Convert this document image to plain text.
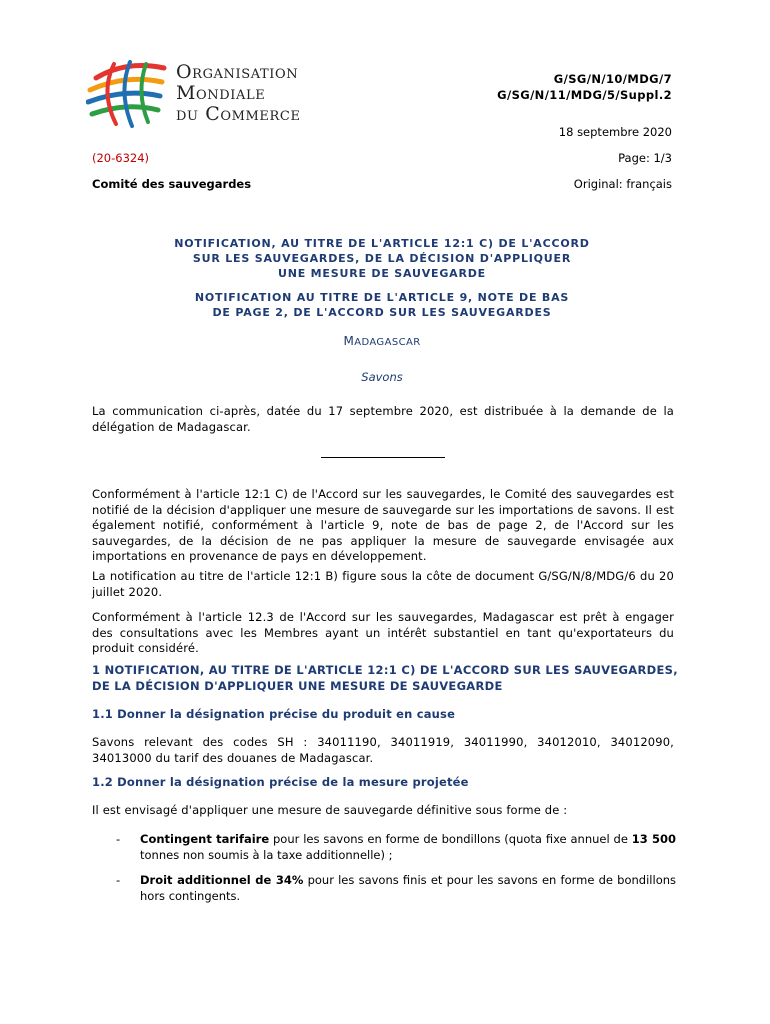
Organisation
Mondiale
du Commerce
G/SG/N/10/MDG/7
G/SG/N/11/MDG/5/Suppl.2
18 septembre 2020
(20-6324)	Page: 1/3
Comité des sauvegardes	Original: français
NOTIFICATION, AU TITRE DE L'ARTICLE 12:1 C) DE L'ACCORD
SUR LES SAUVEGARDES, DE LA DÉCISION D'APPLIQUER
UNE MESURE DE SAUVEGARDE
NOTIFICATION AU TITRE DE L'ARTICLE 9, NOTE DE BAS
DE PAGE 2, DE L'ACCORD SUR LES SAUVEGARDES
MADAGASCAR
Savons
La communication ci-après, datée du 17 septembre 2020, est distribuée à la demande de la délégation de Madagascar.
Conformément à l'article 12:1 C) de l'Accord sur les sauvegardes, le Comité des sauvegardes est notifié de la décision d'appliquer une mesure de sauvegarde sur les importations de savons. Il est également notifié, conformément à l'article 9, note de bas de page 2, de l'Accord sur les sauvegardes, de la décision de ne pas appliquer la mesure de sauvegarde envisagée aux importations en provenance de pays en développement.
La notification au titre de l'article 12:1 B) figure sous la côte de document G/SG/N/8/MDG/6 du 20 juillet 2020.
Conformément à l'article 12.3 de l'Accord sur les sauvegardes, Madagascar est prêt à engager des consultations avec les Membres ayant un intérêt substantiel en tant qu'exportateurs du produit considéré.
1 NOTIFICATION, AU TITRE DE L'ARTICLE 12:1 C) DE L'ACCORD SUR LES SAUVEGARDES,
DE LA DÉCISION D'APPLIQUER UNE MESURE DE SAUVEGARDE
1.1 Donner la désignation précise du produit en cause
Savons relevant des codes SH : 34011190, 34011919, 34011990, 34012010, 34012090, 34013000 du tarif des douanes de Madagascar.
1.2 Donner la désignation précise de la mesure projetée
Il est envisagé d'appliquer une mesure de sauvegarde définitive sous forme de :
- Contingent tarifaire pour les savons en forme de bondillons (quota fixe annuel de 13 500 tonnes non soumis à la taxe additionnelle) ;
- Droit additionnel de 34% pour les savons finis et pour les savons en forme de bondillons hors contingents.
